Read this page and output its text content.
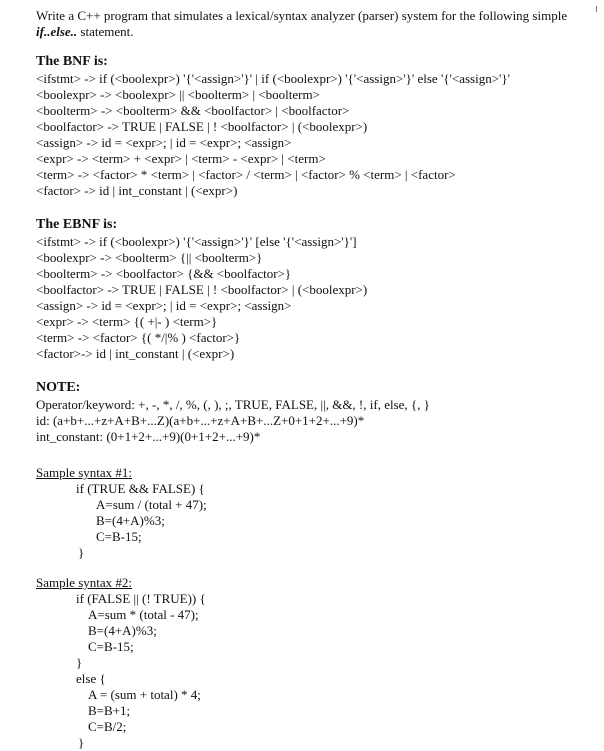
Write a C++ program that simulates a lexical/syntax analyzer (parser) system for the following simple
if..else.. statement.
The BNF is:
<ifstmt> -> if (<boolexpr>) '{'<assign>'}' | if (<boolexpr>) '{'<assign>'}' else '{'<assign>'}'
<boolexpr> -> <boolexpr> || <boolterm> | <boolterm>
<boolterm> -> <boolterm> && <boolfactor> | <boolfactor>
<boolfactor> -> TRUE | FALSE | ! <boolfactor> | (<boolexpr>)
<assign> -> id = <expr>; | id = <expr>; <assign>
<expr> -> <term> + <expr> | <term> - <expr> | <term>
<term> -> <factor> * <term> | <factor> / <term> | <factor> % <term> | <factor>
<factor> -> id | int_constant | (<expr>)
The EBNF is:
<ifstmt> -> if (<boolexpr>) '{'<assign>'}' [else '{'<assign>'}']
<boolexpr> -> <boolterm> {|| <boolterm>}
<boolterm> -> <boolfactor> {&& <boolfactor>}
<boolfactor> -> TRUE | FALSE | ! <boolfactor> | (<boolexpr>)
<assign> -> id = <expr>; | id = <expr>; <assign>
<expr> -> <term> {( +|- ) <term>}
<term> -> <factor> {( */|% ) <factor>}
<factor>-> id | int_constant | (<expr>)
NOTE:
Operator/keyword: +, -, *, /, %, (, ), ;, TRUE, FALSE, ||, &&, !, if, else, {, }
id: (a+b+...+z+A+B+...Z)(a+b+...+z+A+B+...Z+0+1+2+...+9)*
int_constant: (0+1+2+...+9)(0+1+2+...+9)*
Sample syntax #1:
if (TRUE && FALSE) {
A=sum / (total + 47);
B=(4+A)%3;
C=B-15;
}
Sample syntax #2:
if (FALSE || (! TRUE)) {
A=sum * (total - 47);
B=(4+A)%3;
C=B-15;
}
else {
A = (sum + total) * 4;
B=B+1;
C=B/2;
}
